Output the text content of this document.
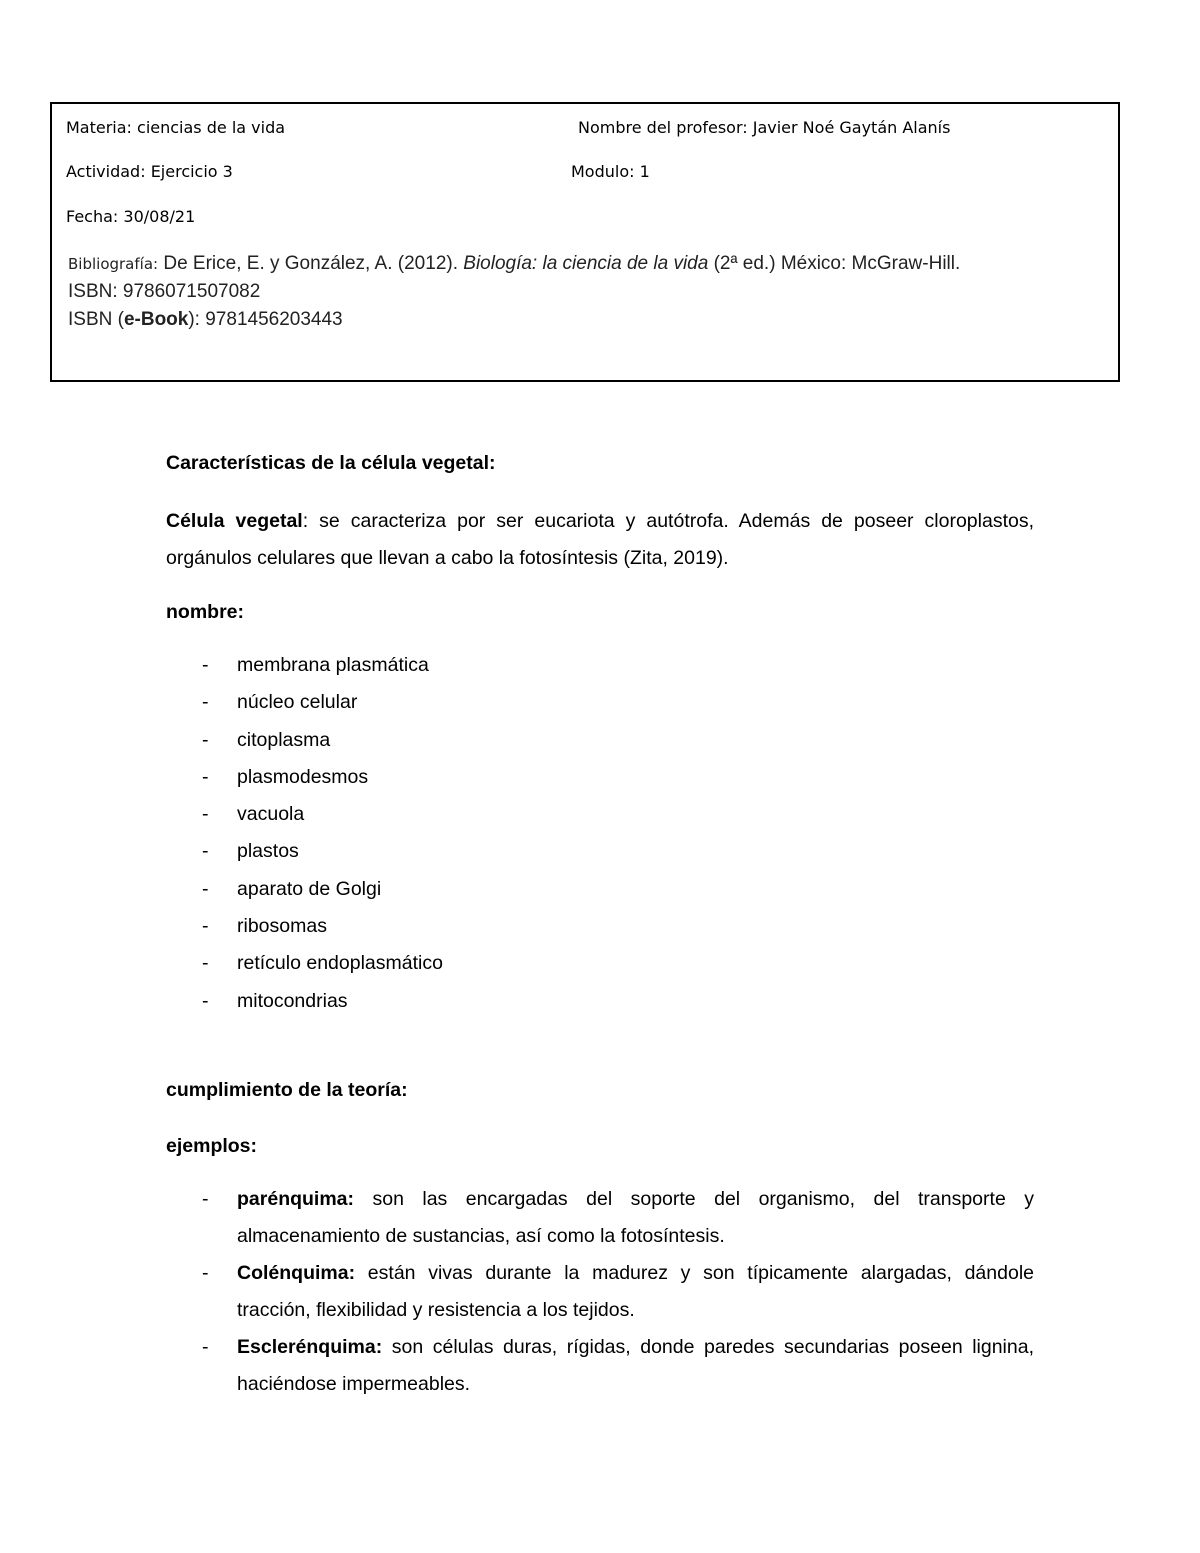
Materia: ciencias de la vida	Nombre del profesor: Javier Noé Gaytán Alanís
Actividad: Ejercicio 3	Modulo: 1
Fecha: 30/08/21
Bibliografía: De Erice, E. y González, A. (2012). Biología: la ciencia de la vida (2ª ed.) México: McGraw-Hill.
ISBN: 9786071507082
ISBN (e-Book): 9781456203443
Características de la célula vegetal:
Célula vegetal: se caracteriza por ser eucariota y autótrofa. Además de poseer cloroplastos, orgánulos celulares que llevan a cabo la fotosíntesis (Zita, 2019).
nombre:
- membrana plasmática
- núcleo celular
- citoplasma
- plasmodesmos
- vacuola
- plastos
- aparato de Golgi
- ribosomas
- retículo endoplasmático
- mitocondrias
cumplimiento de la teoría:
ejemplos:
- parénquima: son las encargadas del soporte del organismo, del transporte y almacenamiento de sustancias, así como la fotosíntesis.
- Colénquima: están vivas durante la madurez y son típicamente alargadas, dándole tracción, flexibilidad y resistencia a los tejidos.
- Esclerénquima: son células duras, rígidas, donde paredes secundarias poseen lignina, haciéndose impermeables.
